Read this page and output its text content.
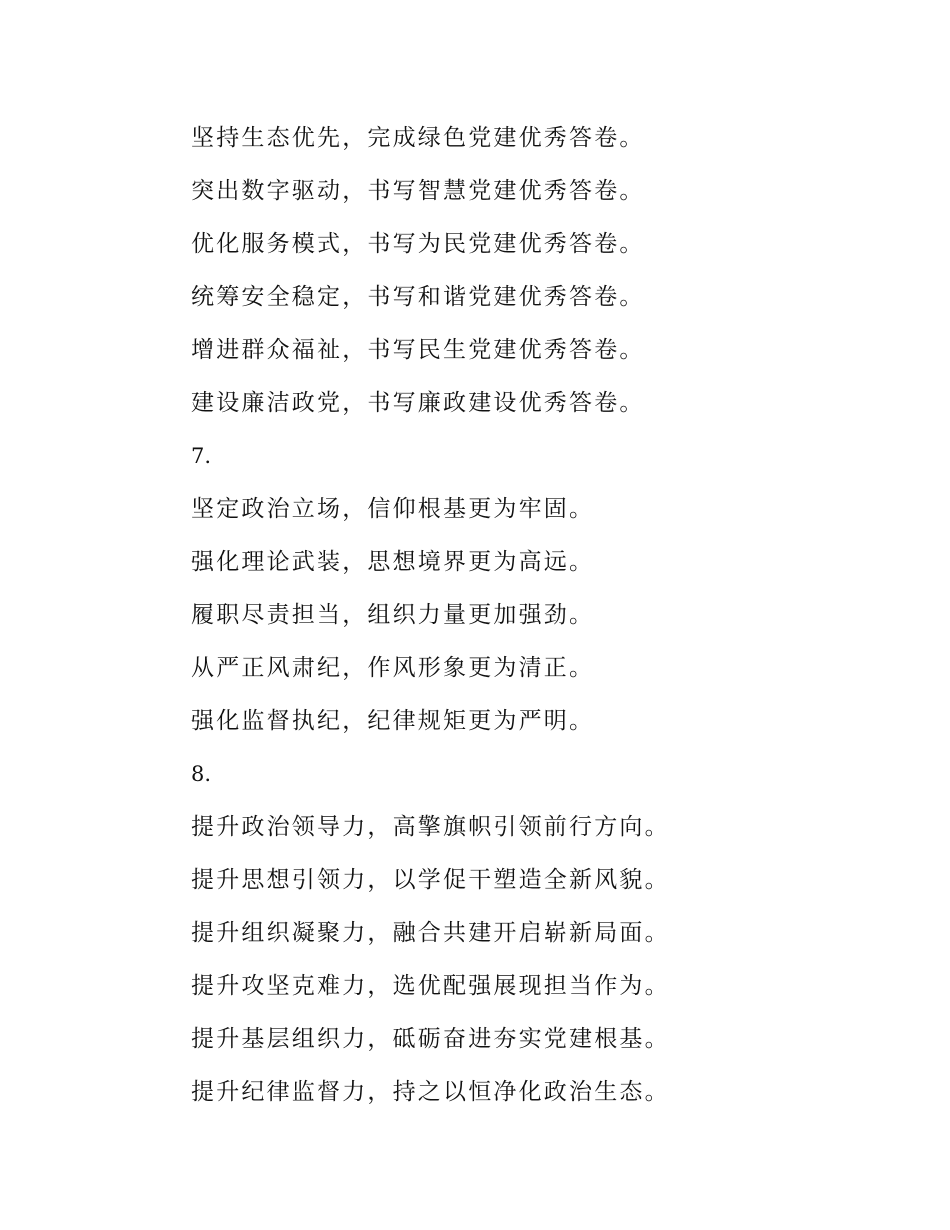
坚持生态优先，完成绿色党建优秀答卷。
突出数字驱动，书写智慧党建优秀答卷。
优化服务模式，书写为民党建优秀答卷。
统筹安全稳定，书写和谐党建优秀答卷。
增进群众福祉，书写民生党建优秀答卷。
建设廉洁政党，书写廉政建设优秀答卷。
7.
坚定政治立场，信仰根基更为牢固。
强化理论武装，思想境界更为高远。
履职尽责担当，组织力量更加强劲。
从严正风肃纪，作风形象更为清正。
强化监督执纪，纪律规矩更为严明。
8.
提升政治领导力，高擎旗帜引领前行方向。
提升思想引领力，以学促干塑造全新风貌。
提升组织凝聚力，融合共建开启崭新局面。
提升攻坚克难力，选优配强展现担当作为。
提升基层组织力，砥砺奋进夯实党建根基。
提升纪律监督力，持之以恒净化政治生态。
